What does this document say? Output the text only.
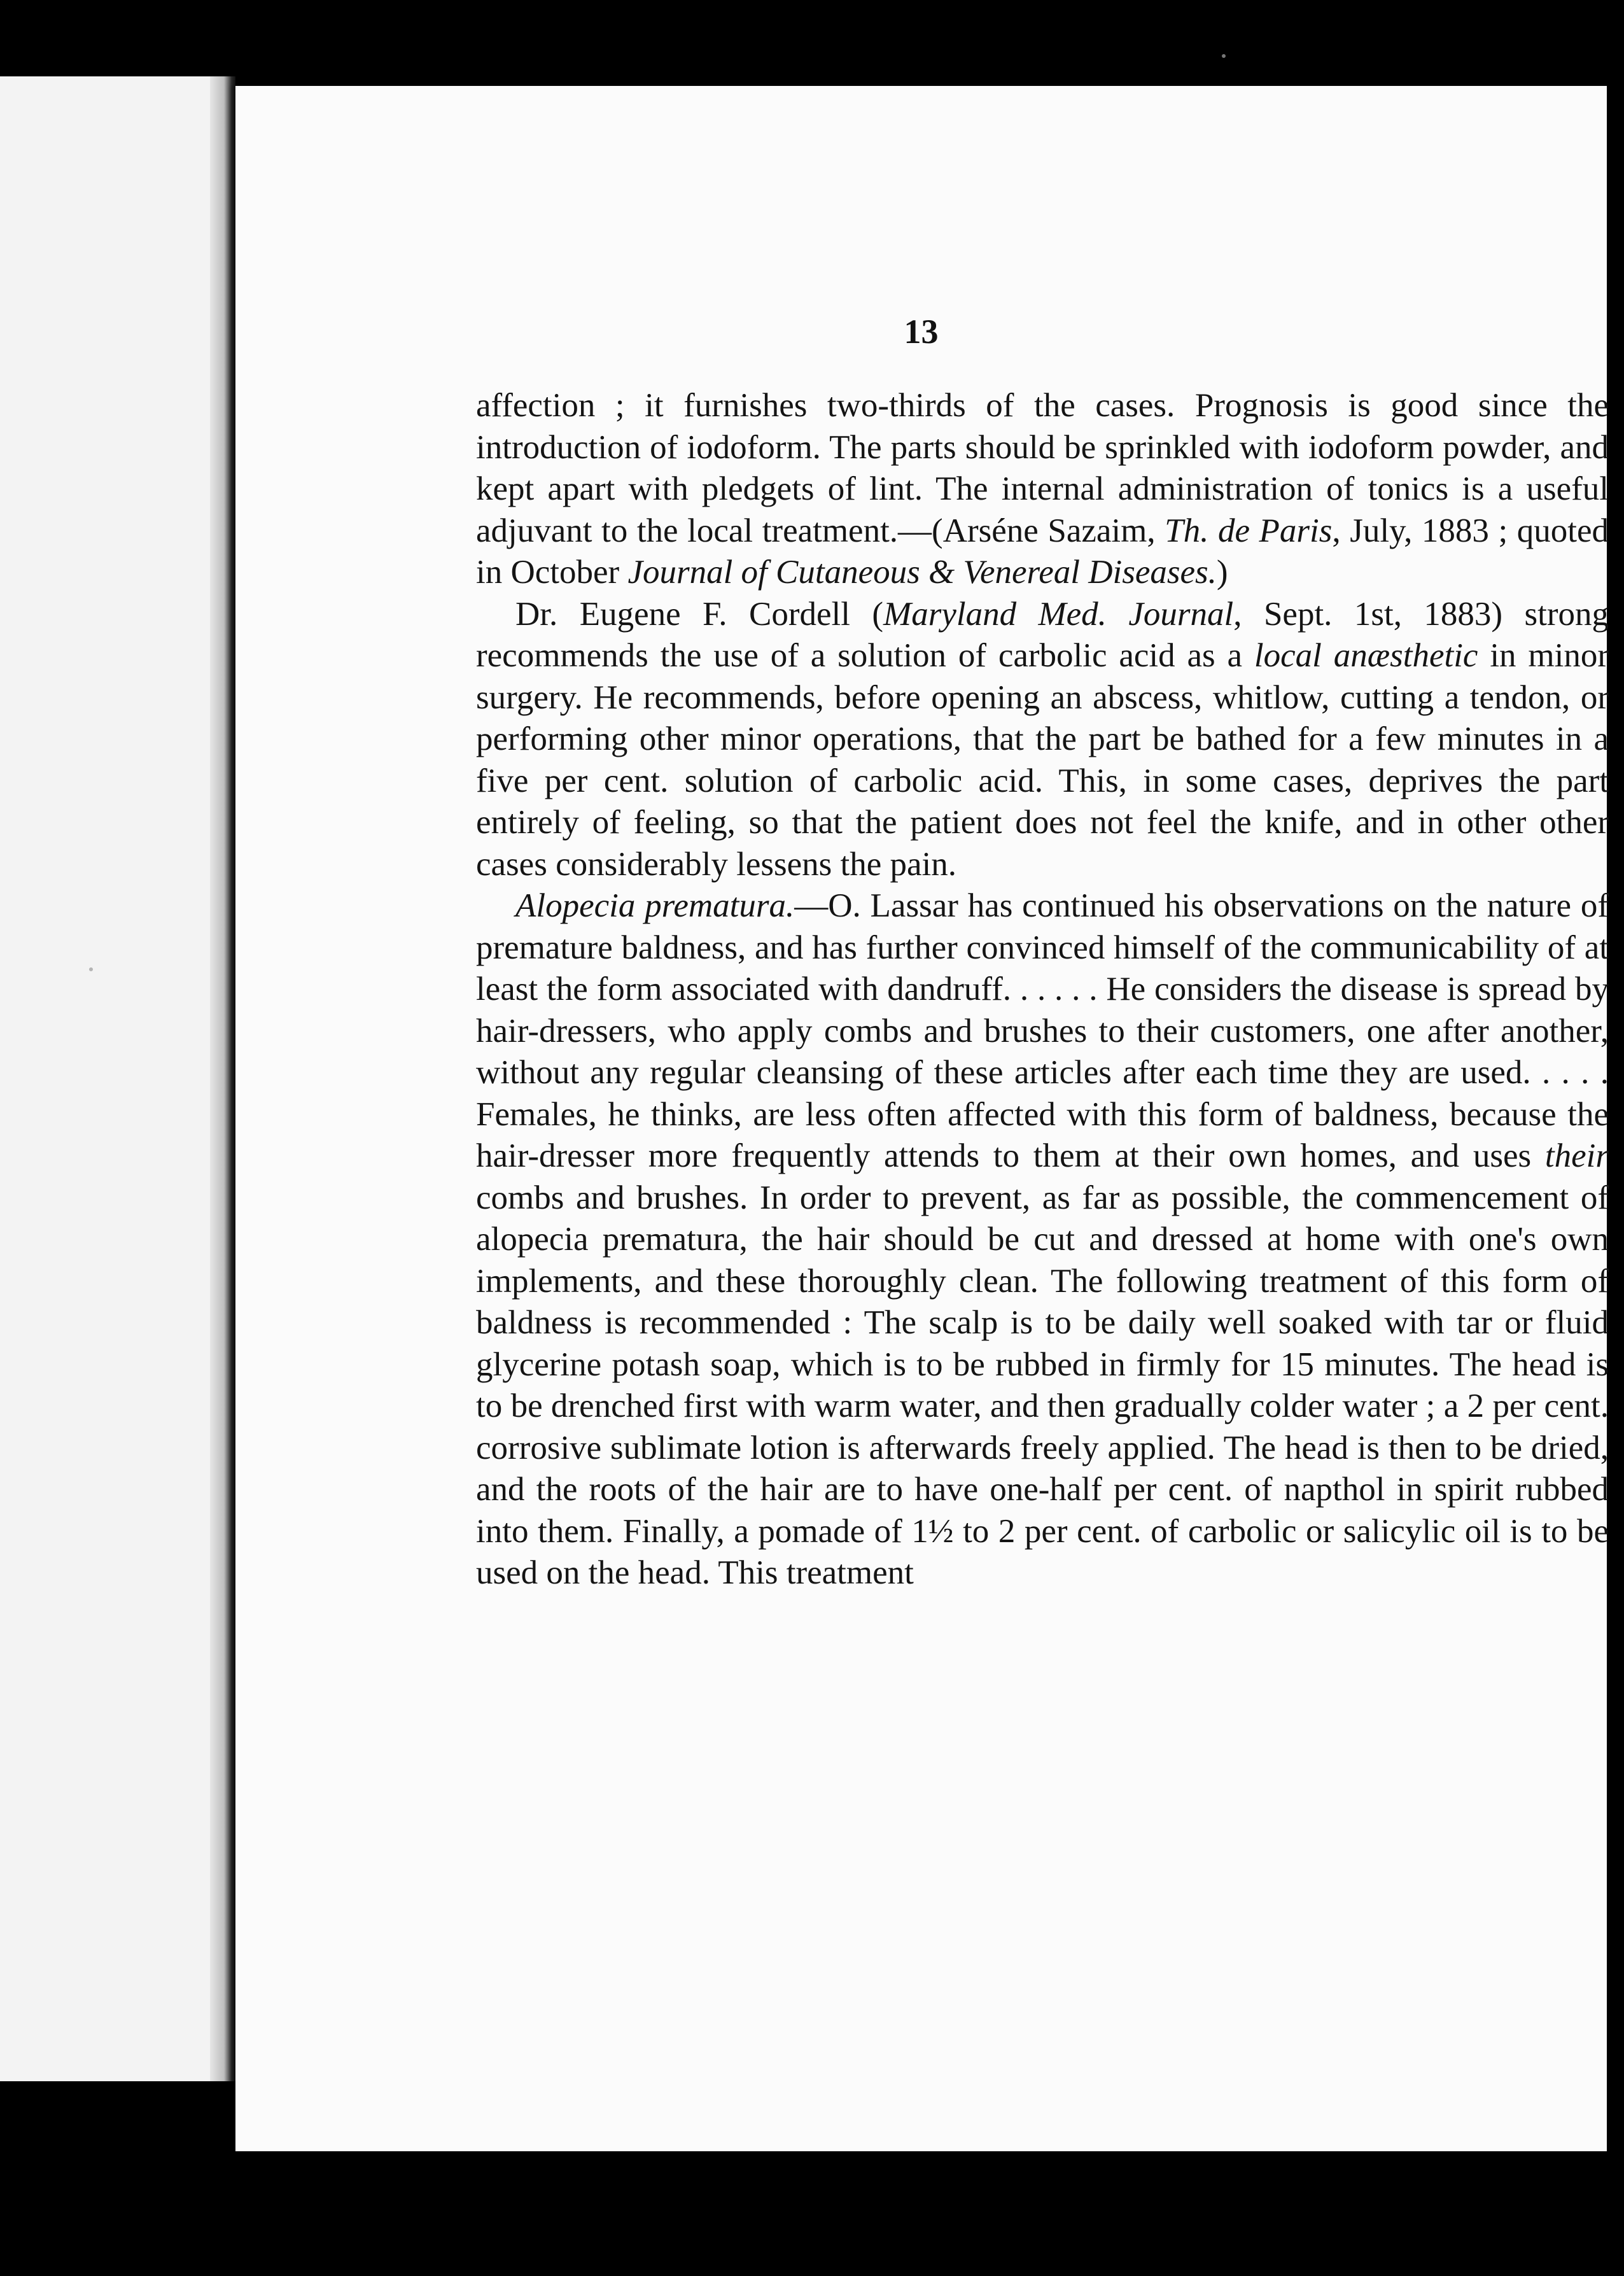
13

affection ; it furnishes two-thirds of the cases. Prognosis is good since the introduction of iodoform. The parts should be sprinkled with iodoform powder, and kept apart with pledgets of lint. The internal administration of tonics is a useful adjuvant to the local treatment.—(Arséne Sazaim, Th. de Paris, July, 1883 ; quoted in October Journal of Cutaneous & Venereal Diseases.)

Dr. Eugene F. Cordell (Maryland Med. Journal, Sept. 1st, 1883) strong recommends the use of a solution of carbolic acid as a local anæsthetic in minor surgery. He recommends, before opening an abscess, whitlow, cutting a tendon, or performing other minor operations, that the part be bathed for a few minutes in a five per cent. solution of carbolic acid. This, in some cases, deprives the part entirely of feeling, so that the patient does not feel the knife, and in other other cases considerably lessens the pain.

Alopecia prematura.—O. Lassar has continued his observations on the nature of premature baldness, and has further convinced himself of the communicability of at least the form associated with dandruff. . . . . . He considers the disease is spread by hair-dressers, who apply combs and brushes to their customers, one after another, without any regular cleansing of these articles after each time they are used. . . . . Females, he thinks, are less often affected with this form of baldness, because the hair-dresser more frequently attends to them at their own homes, and uses their combs and brushes. In order to prevent, as far as possible, the commencement of alopecia prematura, the hair should be cut and dressed at home with one's own implements, and these thoroughly clean. The following treatment of this form of baldness is recommended : The scalp is to be daily well soaked with tar or fluid glycerine potash soap, which is to be rubbed in firmly for 15 minutes. The head is to be drenched first with warm water, and then gradually colder water ; a 2 per cent. corrosive sublimate lotion is afterwards freely applied. The head is then to be dried, and the roots of the hair are to have one-half per cent. of napthol in spirit rubbed into them. Finally, a pomade of 1½ to 2 per cent. of carbolic or salicylic oil is to be used on the head. This treatment
